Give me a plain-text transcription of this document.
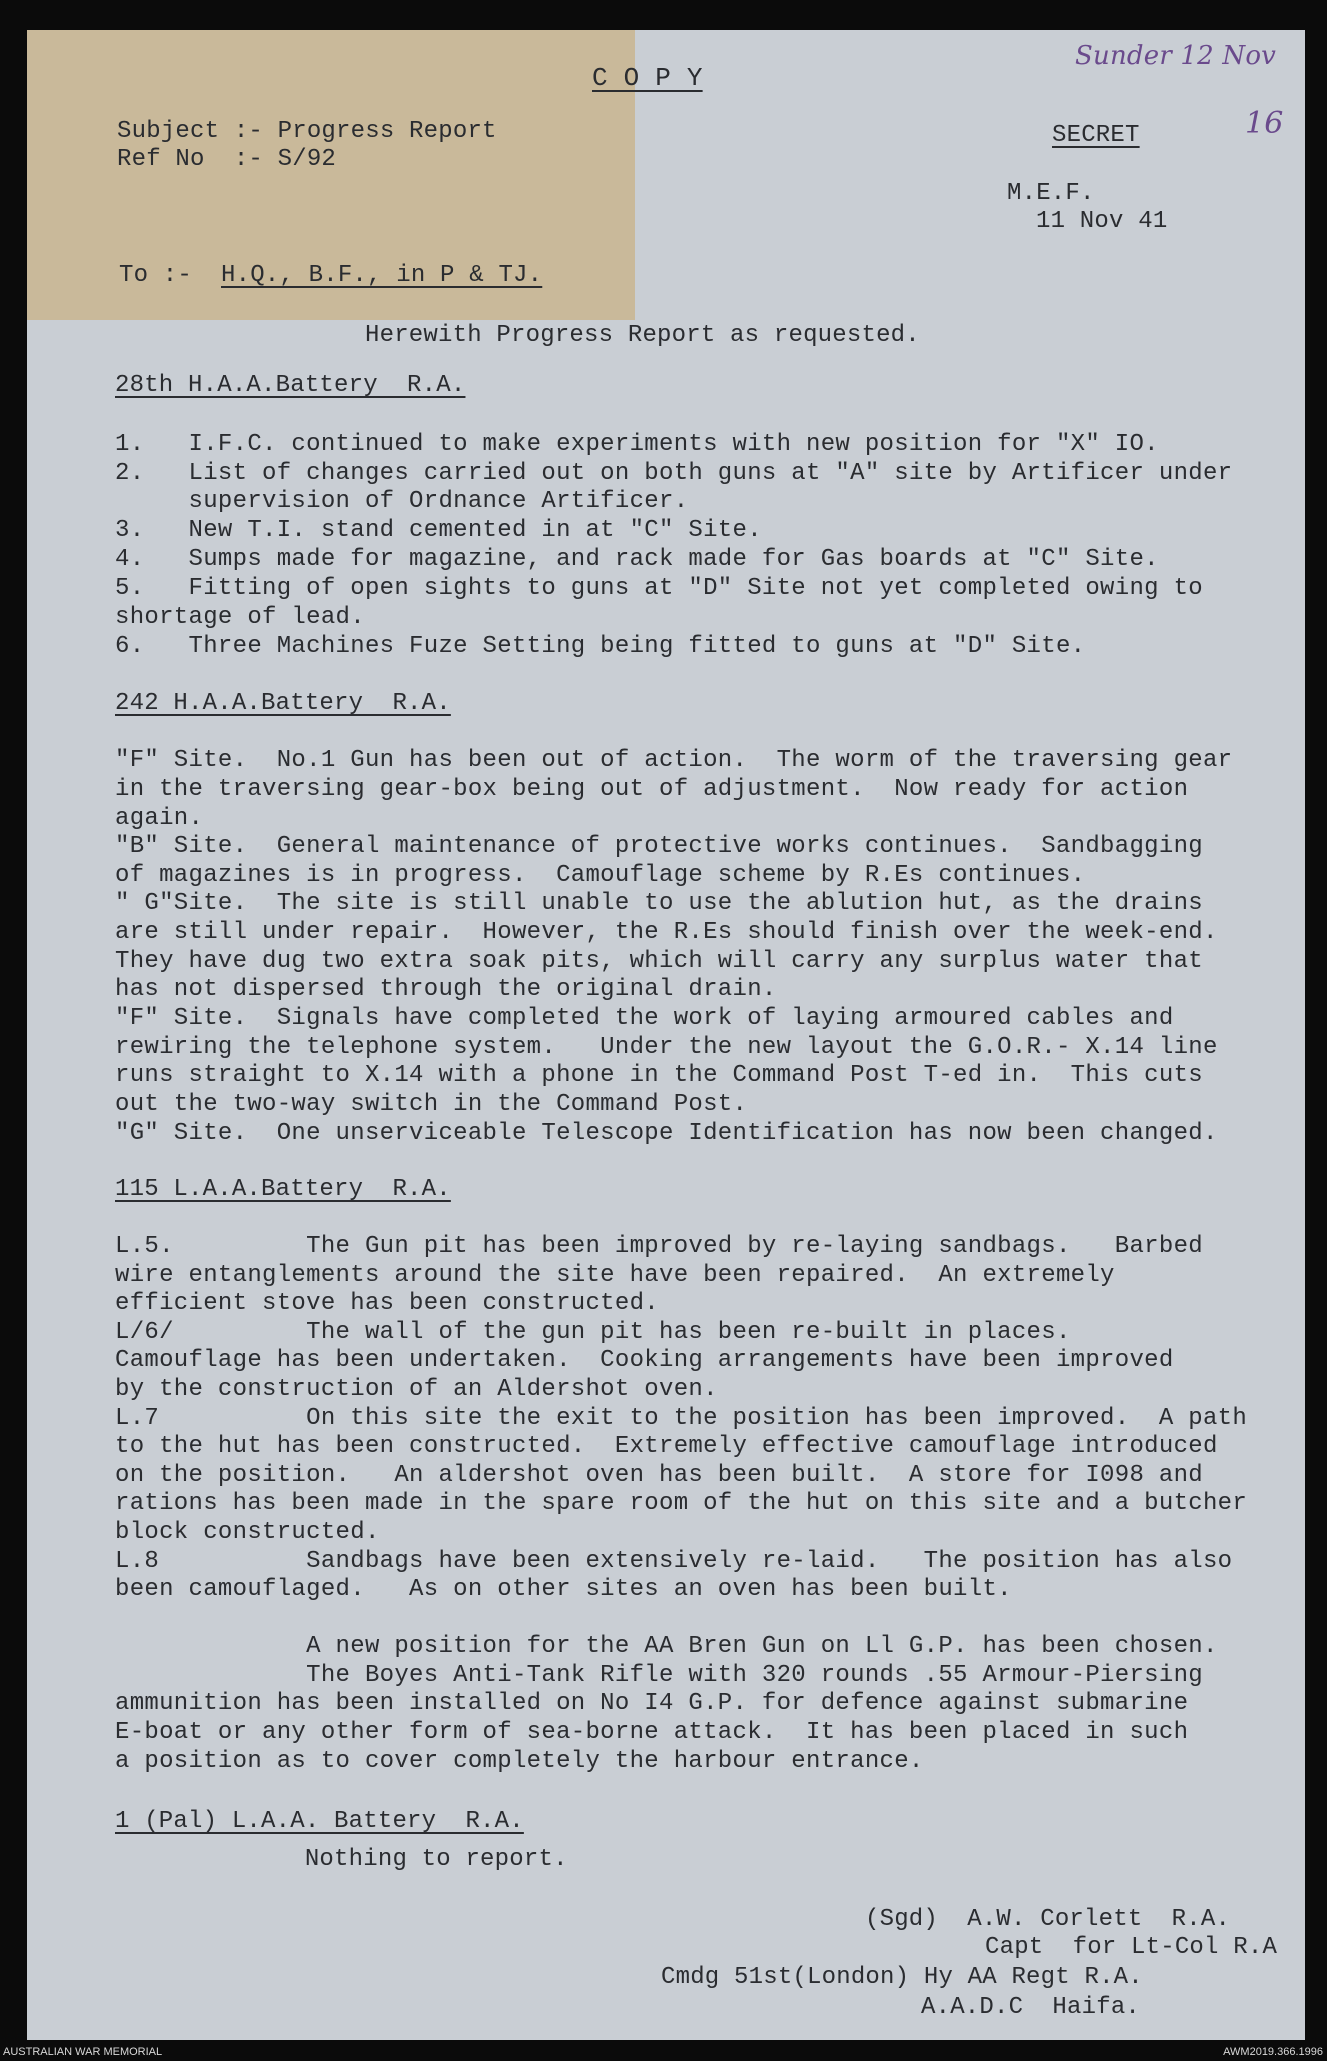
C O P Y
Sunder 12 Nov
16
Subject :- Progress Report
Ref No  :- S/92
SECRET
M.E.F.
11 Nov 41
To :- H.Q., B.F., in P & TJ.
Herewith Progress Report as requested.
28th H.A.A.Battery  R.A.
1.   I.F.C. continued to make experiments with new position for "X" IO.
2.   List of changes carried out on both guns at "A" site by Artificer under
supervision of Ordnance Artificer.
3.   New T.I. stand cemented in at "C" Site.
4.   Sumps made for magazine, and rack made for Gas boards at "C" Site.
5.   Fitting of open sights to guns at "D" Site not yet completed owing to
shortage of lead.
6.   Three Machines Fuze Setting being fitted to guns at "D" Site.
242 H.A.A.Battery  R.A.
"F" Site.  No.1 Gun has been out of action.  The worm of the traversing gear
in the traversing gear-box being out of adjustment.  Now ready for action
again.
"B" Site.  General maintenance of protective works continues.  Sandbagging
of magazines is in progress.  Camouflage scheme by R.Es continues.
" G"Site.  The site is still unable to use the ablution hut, as the drains
are still under repair.  However, the R.Es should finish over the week-end.
They have dug two extra soak pits, which will carry any surplus water that
has not dispersed through the original drain.
"F" Site.  Signals have completed the work of laying armoured cables and
rewiring the telephone system.   Under the new layout the G.O.R.- X.14 line
runs straight to X.14 with a phone in the Command Post T-ed in.  This cuts
out the two-way switch in the Command Post.
"G" Site.  One unserviceable Telescope Identification has now been changed.
115 L.A.A.Battery  R.A.
L.5.         The Gun pit has been improved by re-laying sandbags.   Barbed
wire entanglements around the site have been repaired.  An extremely
efficient stove has been constructed.
L/6/         The wall of the gun pit has been re-built in places.
Camouflage has been undertaken.  Cooking arrangements have been improved
by the construction of an Aldershot oven.
L.7          On this site the exit to the position has been improved.  A path
to the hut has been constructed.  Extremely effective camouflage introduced
on the position.   An aldershot oven has been built.  A store for I098 and
rations has been made in the spare room of the hut on this site and a butcher
block constructed.
L.8          Sandbags have been extensively re-laid.   The position has also
been camouflaged.   As on other sites an oven has been built.
A new position for the AA Bren Gun on Ll G.P. has been chosen.
The Boyes Anti-Tank Rifle with 320 rounds .55 Armour-Piersing
ammunition has been installed on No I4 G.P. for defence against submarine
E-boat or any other form of sea-borne attack.  It has been placed in such
a position as to cover completely the harbour entrance.
1 (Pal) L.A.A. Battery  R.A.
Nothing to report.
(Sgd)  A.W. Corlett  R.A.
Capt  for Lt-Col R.A
Cmdg 51st(London) Hy AA Regt R.A.
A.A.D.C  Haifa.
AUSTRALIAN WAR MEMORIAL	AWM2019.366.1996
